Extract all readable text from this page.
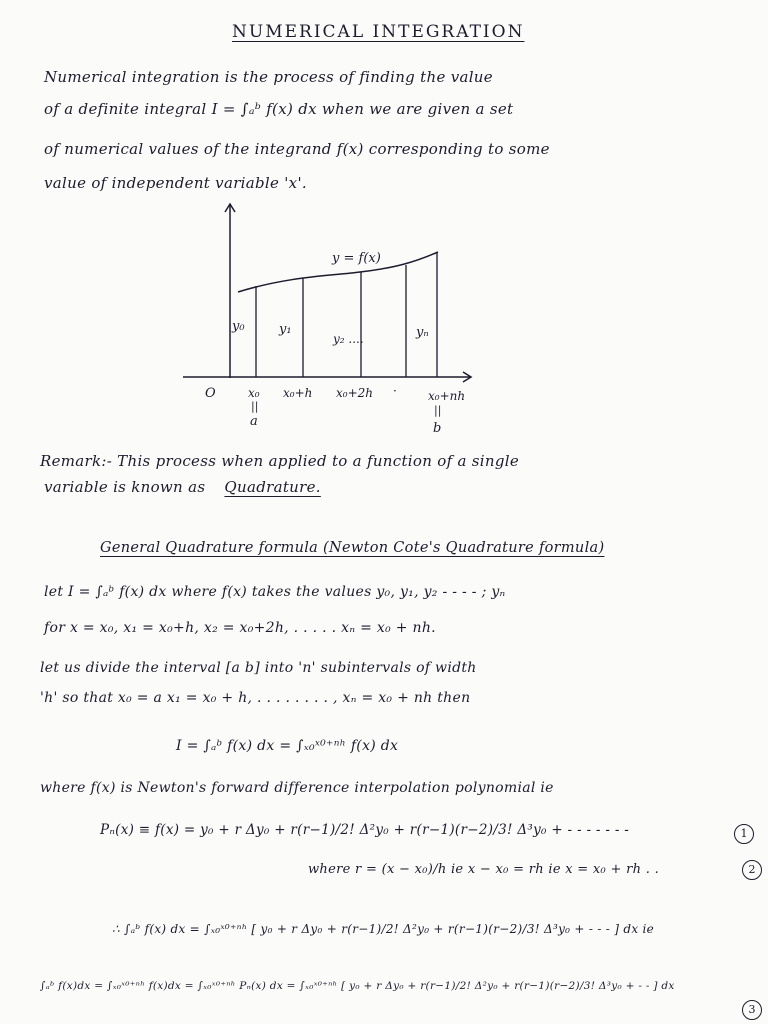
NUMERICAL INTEGRATION
Numerical integration is the process of finding the value
of a definite integral I = ∫ₐᵇ f(x) dx when we are given a set
of numerical values of the integrand f(x) corresponding to some
value of independent variable 'x'.
y = f(x)
y₀	y₁
y₂ ....	yₙ
O	x₀ x₀+h x₀+2h ·	x₀+nh
||	||
a	b
Remark:- This process when applied to a function of a single
variable is known as Quadrature.
General Quadrature formula (Newton Cote's Quadrature formula)
let I = ∫ₐᵇ f(x) dx where f(x) takes the values y₀, y₁, y₂ - - - - ; yₙ
for x = x₀, x₁ = x₀+h, x₂ = x₀+2h, . . . . . xₙ = x₀ + nh.
let us divide the interval [a b] into 'n' subintervals of width
'h' so that x₀ = a x₁ = x₀ + h, . . . . . . . . , xₙ = x₀ + nh then
I = ∫ₐᵇ f(x) dx = ∫ₓ₀ˣ⁰⁺ⁿʰ f(x) dx
where f(x) is Newton's forward difference interpolation polynomial ie
Pₙ(x) ≡ f(x) = y₀ + r Δy₀ + r(r−1)/2! Δ²y₀ + r(r−1)(r−2)/3! Δ³y₀ + - - - - - - -	1
where r = (x − x₀)/h ie x − x₀ = rh ie x = x₀ + rh . .	2
∴ ∫ₐᵇ f(x) dx = ∫ₓ₀ˣ⁰⁺ⁿʰ [ y₀ + r Δy₀ + r(r−1)/2! Δ²y₀ + r(r−1)(r−2)/3! Δ³y₀ + - - - ] dx ie
∫ₐᵇ f(x)dx = ∫ₓ₀ˣ⁰⁺ⁿʰ f(x)dx = ∫ₓ₀ˣ⁰⁺ⁿʰ Pₙ(x) dx = ∫ₓ₀ˣ⁰⁺ⁿʰ [ y₀ + r Δy₀ + r(r−1)/2! Δ²y₀ + r(r−1)(r−2)/3! Δ³y₀ + - - ] dx
3
